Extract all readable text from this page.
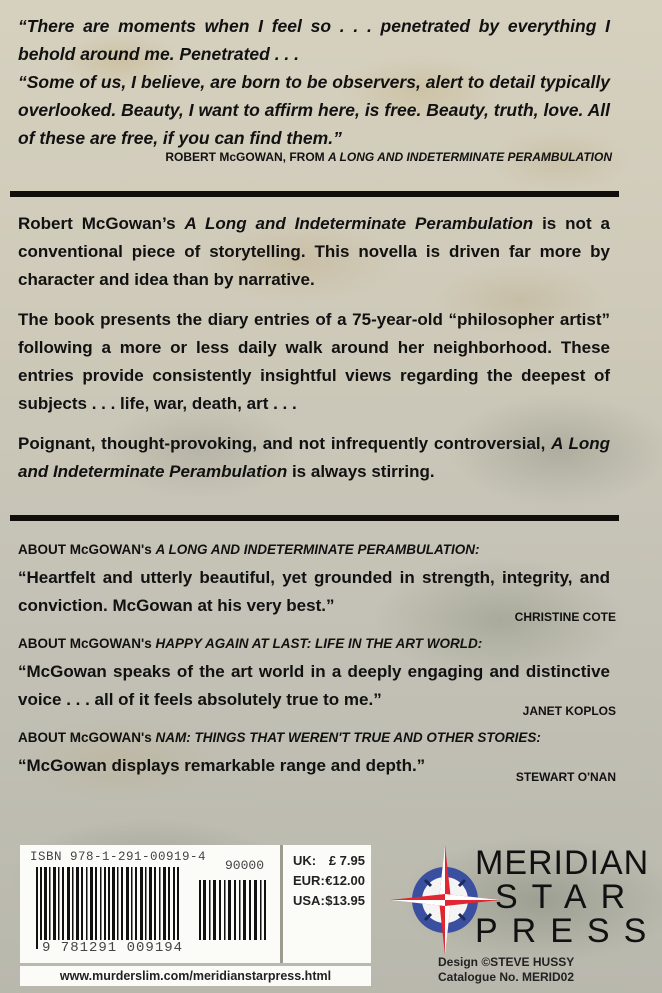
“There are moments when I feel so . . . penetrated by everything I behold around me. Penetrated . . .

“Some of us, I believe, are born to be observers, alert to detail typically overlooked. Beauty, I want to affirm here, is free. Beauty, truth, love. All of these are free, if you can find them.”

ROBERT McGOWAN, FROM A LONG AND INDETERMINATE PERAMBULATION

Robert McGowan’s A Long and Indeterminate Perambulation is not a conventional piece of storytelling. This novella is driven far more by character and idea than by narrative.

The book presents the diary entries of a 75-year-old “philosopher artist” following a more or less daily walk around her neighborhood. These entries provide consistently insightful views regarding the deepest of subjects . . . life, war, death, art . . .

Poignant, thought-provoking, and not infrequently controversial, A Long and Indeterminate Perambulation is always stirring.

ABOUT McGOWAN's A LONG AND INDETERMINATE PERAMBULATION:
“Heartfelt and utterly beautiful, yet grounded in strength, integrity, and conviction. McGowan at his very best.”
CHRISTINE COTE
ABOUT McGOWAN's HAPPY AGAIN AT LAST: LIFE IN THE ART WORLD:
“McGowan speaks of the art world in a deeply engaging and distinctive voice . . . all of it feels absolutely true to me.”
JANET KOPLOS
ABOUT McGOWAN's NAM: THINGS THAT WEREN'T TRUE AND OTHER STORIES:
“McGowan displays remarkable range and depth.”
STEWART O'NAN
ISBN 978-1-291-00919-4
90000
9 781291 009194
UK: £ 7.95
EUR: €12.00
USA: $13.95
www.murderslim.com/meridianstarpress.html
MERIDIAN
STAR
PRESS
Design ©STEVE HUSSY
Catalogue No. MERID02
